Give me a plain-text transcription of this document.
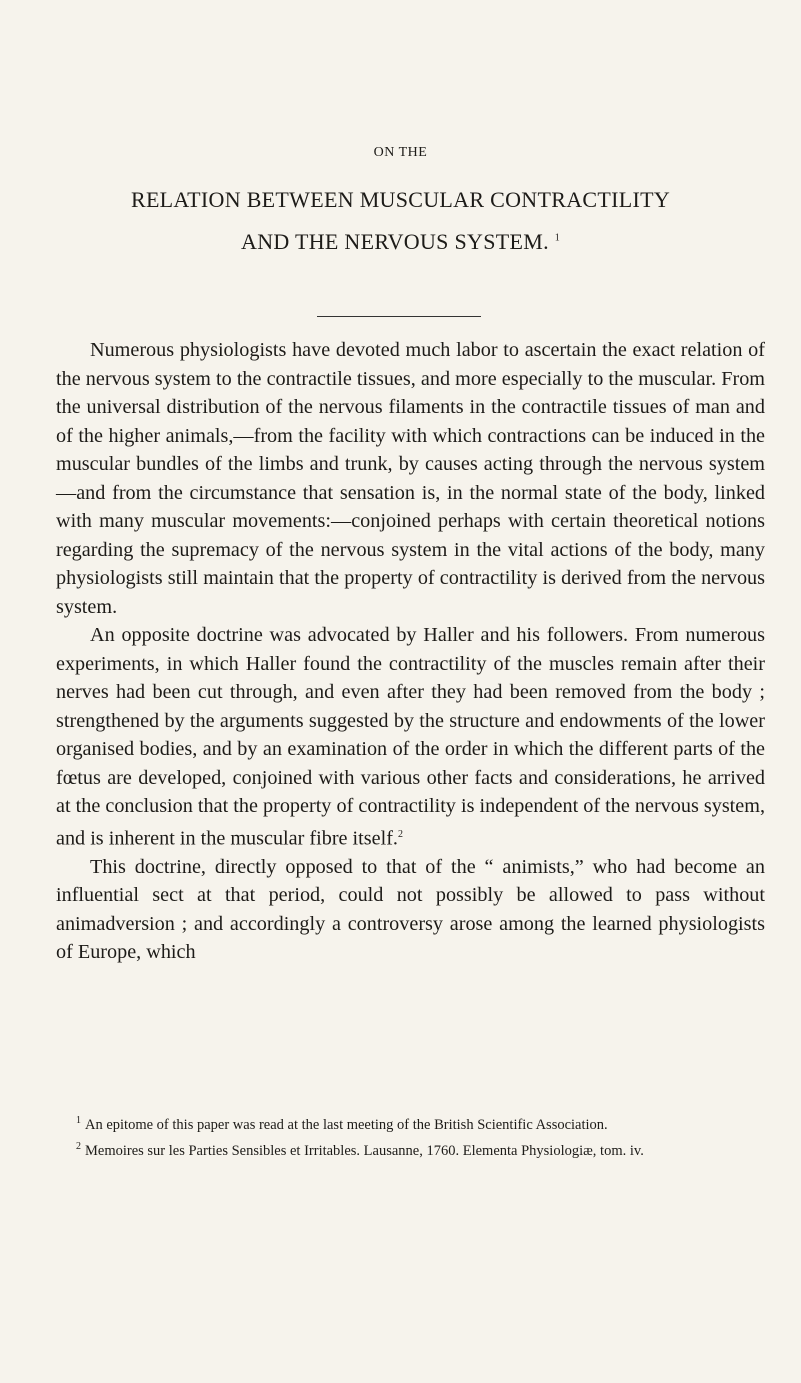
ON THE
RELATION BETWEEN MUSCULAR CONTRACTILITY
AND THE NERVOUS SYSTEM. $^1$

Numerous physiologists have devoted much labor to ascertain the exact relation of the nervous system to the contractile tissues, and more especially to the muscular. From the universal distribution of the nervous filaments in the contractile tissues of man and of the higher animals,—from the facility with which contractions can be induced in the muscular bundles of the limbs and trunk, by causes acting through the nervous system—and from the circumstance that sensation is, in the normal state of the body, linked with many muscular movements:—conjoined perhaps with certain theoretical notions regarding the supremacy of the nervous system in the vital actions of the body, many physiologists still maintain that the property of contractility is derived from the nervous system.

An opposite doctrine was advocated by Haller and his followers. From numerous experiments, in which Haller found the contractility of the muscles remain after their nerves had been cut through, and even after they had been removed from the body ; strengthened by the arguments suggested by the structure and endowments of the lower organised bodies, and by an examination of the order in which the different parts of the fœtus are developed, conjoined with various other facts and considerations, he arrived at the conclusion that the property of contractility is independent of the nervous system, and is inherent in the muscular fibre itself.$^2$

This doctrine, directly opposed to that of the “ animists,” who had become an influential sect at that period, could not possibly be allowed to pass without animadversion ; and accordingly a controversy arose among the learned physiologists of Europe, which

$^1$ An epitome of this paper was read at the last meeting of the British Scientific Association.

$^2$ Memoires sur les Parties Sensibles et Irritables. Lausanne, 1760. Elementa Physiologiæ, tom. iv.
